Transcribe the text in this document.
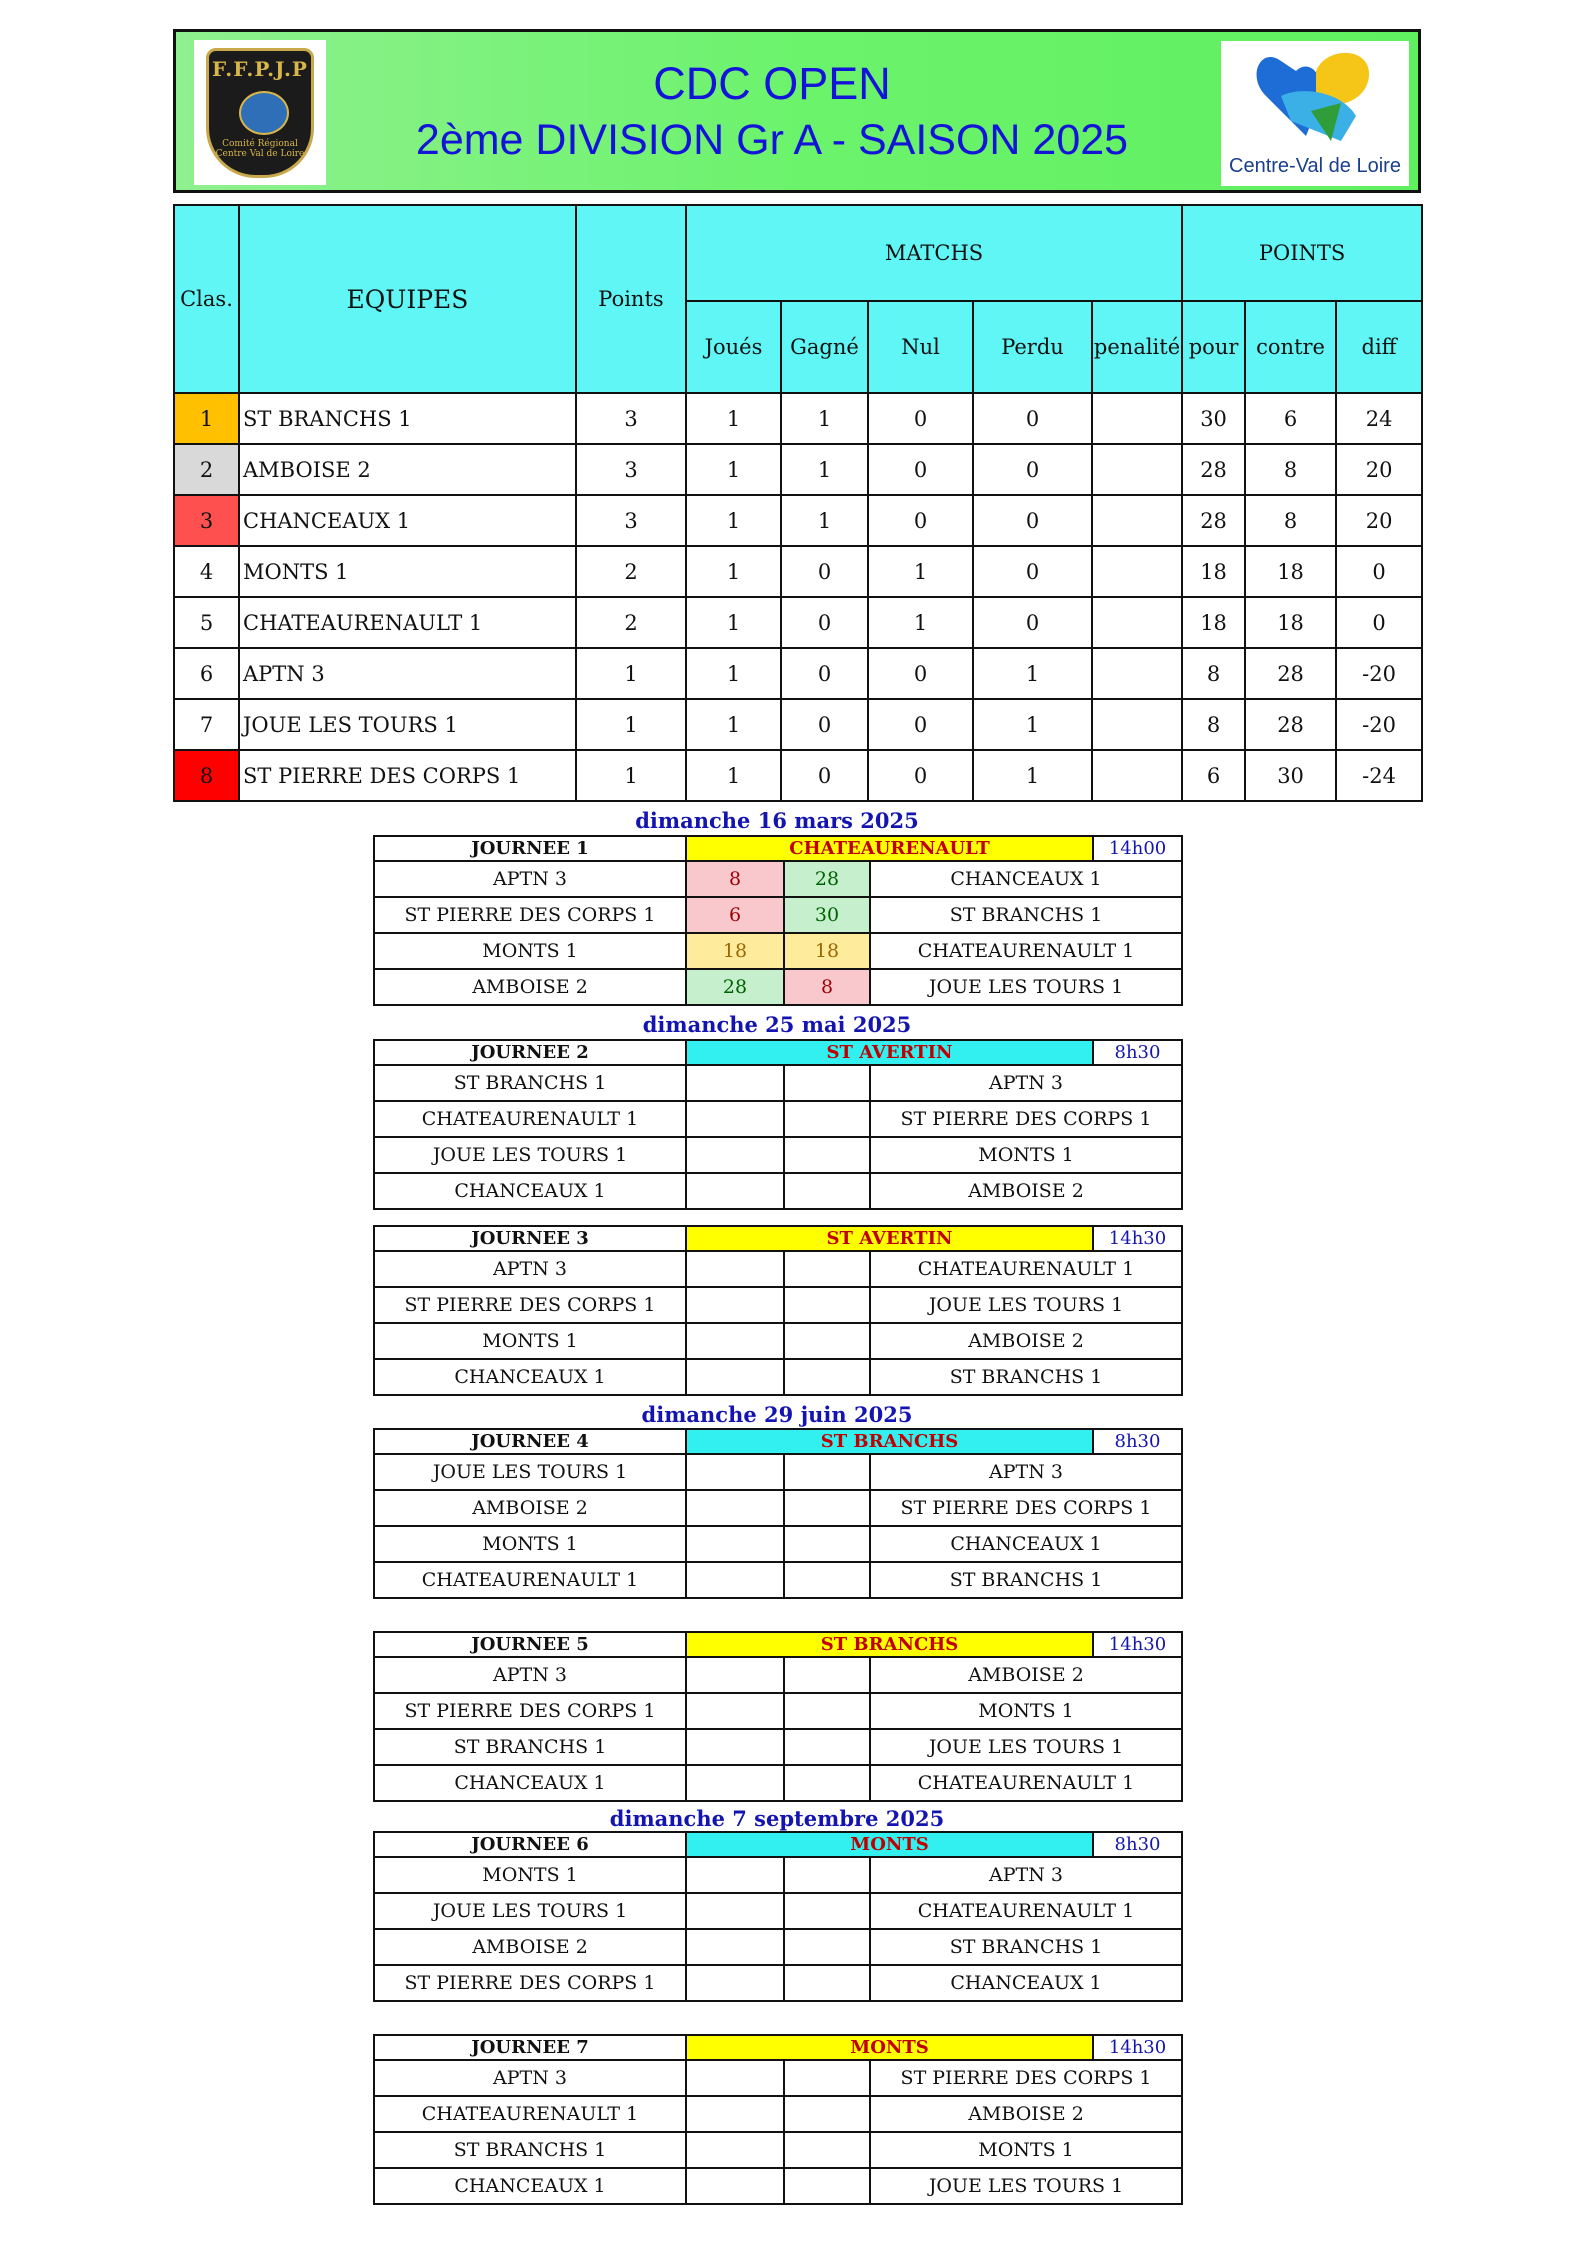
F.F.P.J.P
Comité Régional Centre Val de Loire
CDC OPEN
2ème DIVISION Gr A - SAISON 2025
Centre-Val de Loire
Clas.	EQUIPES	Points	MATCHS					POINTS		
			Joués	Gagné	Nul	Perdu	penalité	pour	contre	diff
1	ST BRANCHS 1	3	1	1	0	0		30	6	24
2	AMBOISE 2	3	1	1	0	0		28	8	20
3	CHANCEAUX 1	3	1	1	0	0		28	8	20
4	MONTS 1	2	1	0	1	0		18	18	0
5	CHATEAURENAULT 1	2	1	0	1	0		18	18	0
6	APTN 3	1	1	0	0	1		8	28	-20
7	JOUE LES TOURS 1	1	1	0	0	1		8	28	-20
8	ST PIERRE DES CORPS 1	1	1	0	0	1		6	30	-24
dimanche 16 mars 2025
JOURNEE 1	CHATEAURENAULT			14h00
APTN 3	8	28	CHANCEAUX 1	
ST PIERRE DES CORPS 1	6	30	ST BRANCHS 1	
MONTS 1	18	18	CHATEAURENAULT 1	
AMBOISE 2	28	8	JOUE LES TOURS 1	
dimanche 25 mai 2025
JOURNEE 2	ST AVERTIN			8h30
ST BRANCHS 1			APTN 3	
CHATEAURENAULT 1			ST PIERRE DES CORPS 1	
JOUE LES TOURS 1			MONTS 1	
CHANCEAUX 1			AMBOISE 2	
JOURNEE 3	ST AVERTIN			14h30
APTN 3			CHATEAURENAULT 1	
ST PIERRE DES CORPS 1			JOUE LES TOURS 1	
MONTS 1			AMBOISE 2	
CHANCEAUX 1			ST BRANCHS 1	
dimanche 29 juin 2025
JOURNEE 4	ST BRANCHS			8h30
JOUE LES TOURS 1			APTN 3	
AMBOISE 2			ST PIERRE DES CORPS 1	
MONTS 1			CHANCEAUX 1	
CHATEAURENAULT 1			ST BRANCHS 1	
JOURNEE 5	ST BRANCHS			14h30
APTN 3			AMBOISE 2	
ST PIERRE DES CORPS 1			MONTS 1	
ST BRANCHS 1			JOUE LES TOURS 1	
CHANCEAUX 1			CHATEAURENAULT 1	
dimanche 7 septembre 2025
JOURNEE 6	MONTS			8h30
MONTS 1			APTN 3	
JOUE LES TOURS 1			CHATEAURENAULT 1	
AMBOISE 2			ST BRANCHS 1	
ST PIERRE DES CORPS 1			CHANCEAUX 1	
JOURNEE 7	MONTS			14h30
APTN 3			ST PIERRE DES CORPS 1	
CHATEAURENAULT 1			AMBOISE 2	
ST BRANCHS 1			MONTS 1	
CHANCEAUX 1			JOUE LES TOURS 1	
